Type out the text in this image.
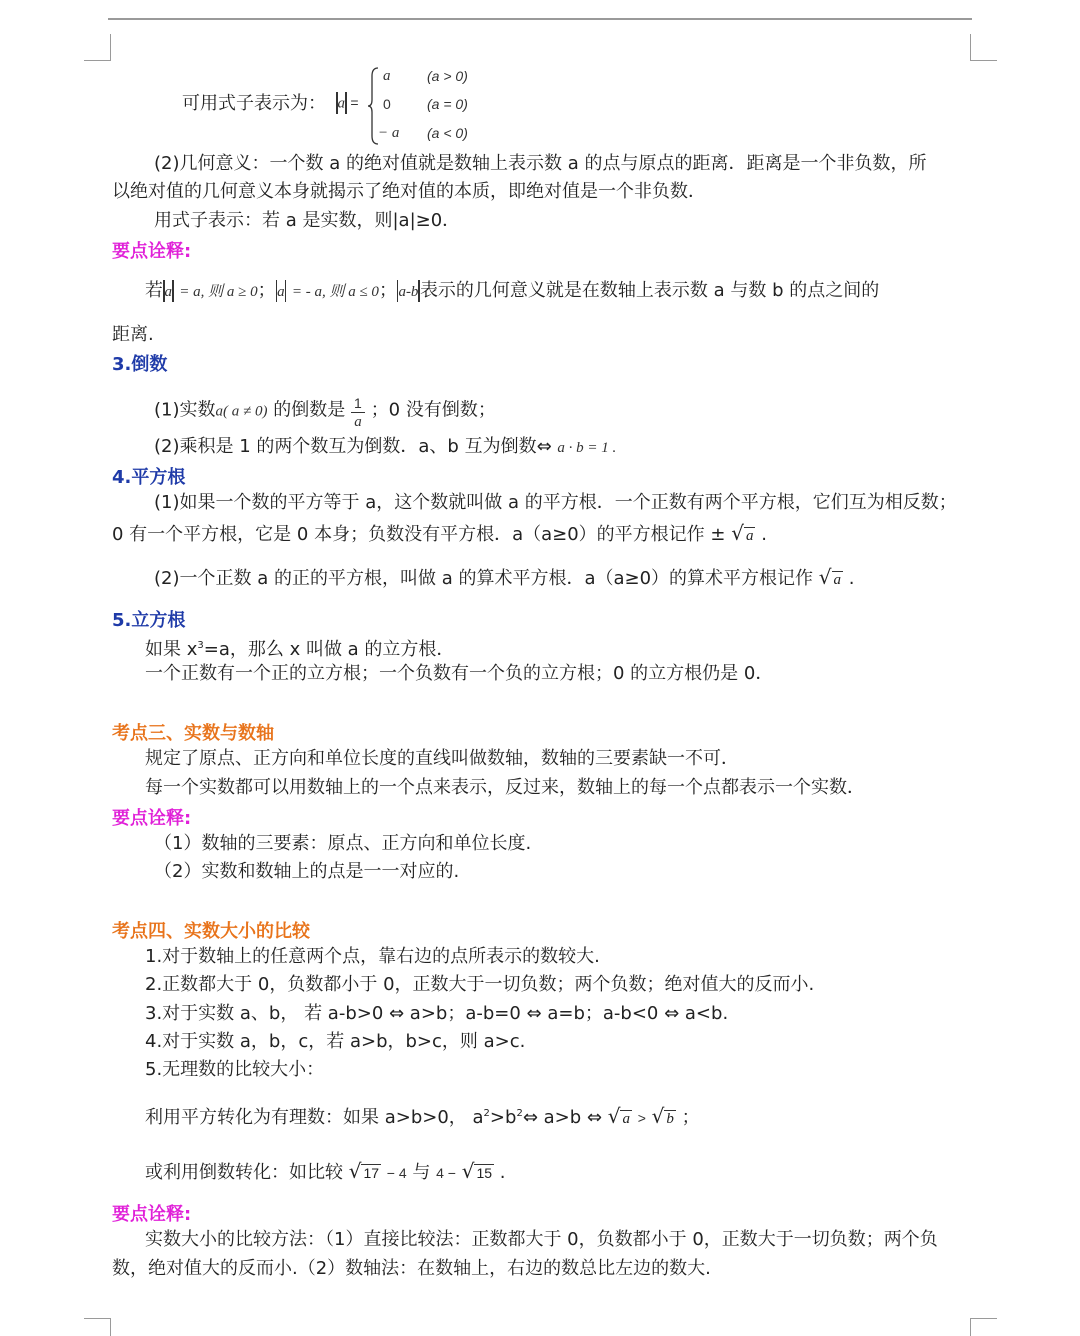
可用式子表示为： a =
a	(a > 0)
0	(a = 0)
− a (a < 0)
(2)几何意义：一个数 a 的绝对值就是数轴上表示数 a 的点与原点的距离．距离是一个非负数，所
以绝对值的几何意义本身就揭示了绝对值的本质，即绝对值是一个非负数．
用式子表示：若 a 是实数，则|a|≥0．
要点诠释:
若 a = a, 则 a ≥ 0； a = - a, 则 a ≤ 0； a-b表示的几何意义就是在数轴上表示数 a 与数 b 的点之间的
距离.
3.倒数
(1)实数a( a ≠ 0) 的倒数是 $\frac{1}{a}$ ；0 没有倒数；
(2)乘积是 1 的两个数互为倒数．a、b 互为倒数⇔ a · b = 1 .
4.平方根
(1)如果一个数的平方等于 a，这个数就叫做 a 的平方根．一个正数有两个平方根，它们互为相反数；
0 有一个平方根，它是 0 本身；负数没有平方根．a（a≥0）的平方根记作 ± √ a .
(2)一个正数 a 的正的平方根，叫做 a 的算术平方根．a（a≥0）的算术平方根记作 √ a .
5.立方根
如果 $x^3=a$，那么 x 叫做 a 的立方根．
一个正数有一个正的立方根；一个负数有一个负的立方根；0 的立方根仍是 0．
考点三、实数与数轴
规定了原点、正方向和单位长度的直线叫做数轴，数轴的三要素缺一不可．
每一个实数都可以用数轴上的一个点来表示，反过来，数轴上的每一个点都表示一个实数．
要点诠释:
（1）数轴的三要素：原点、正方向和单位长度.
（2）实数和数轴上的点是一一对应的.
考点四、实数大小的比较
1.对于数轴上的任意两个点，靠右边的点所表示的数较大.
2.正数都大于 0，负数都小于 0，正数大于一切负数；两个负数；绝对值大的反而小.
3.对于实数 a、b， 若 a-b>0 ⇔ a>b；a-b=0 ⇔ a=b；a-b<0 ⇔ a<b.
4.对于实数 a，b，c，若 a>b，b>c，则 a>c.
5.无理数的比较大小：
利用平方转化为有理数：如果 a>b>0， $a^2>b^2\Leftrightarrow$ a>b ⇔ √ a > √ b ；
或利用倒数转化：如比较 √ 17 − 4 与 4 − √ 15 .
要点诠释:
实数大小的比较方法：（1）直接比较法：正数都大于 0，负数都小于 0，正数大于一切负数；两个负
数，绝对值大的反而小.（2）数轴法：在数轴上，右边的数总比左边的数大.
